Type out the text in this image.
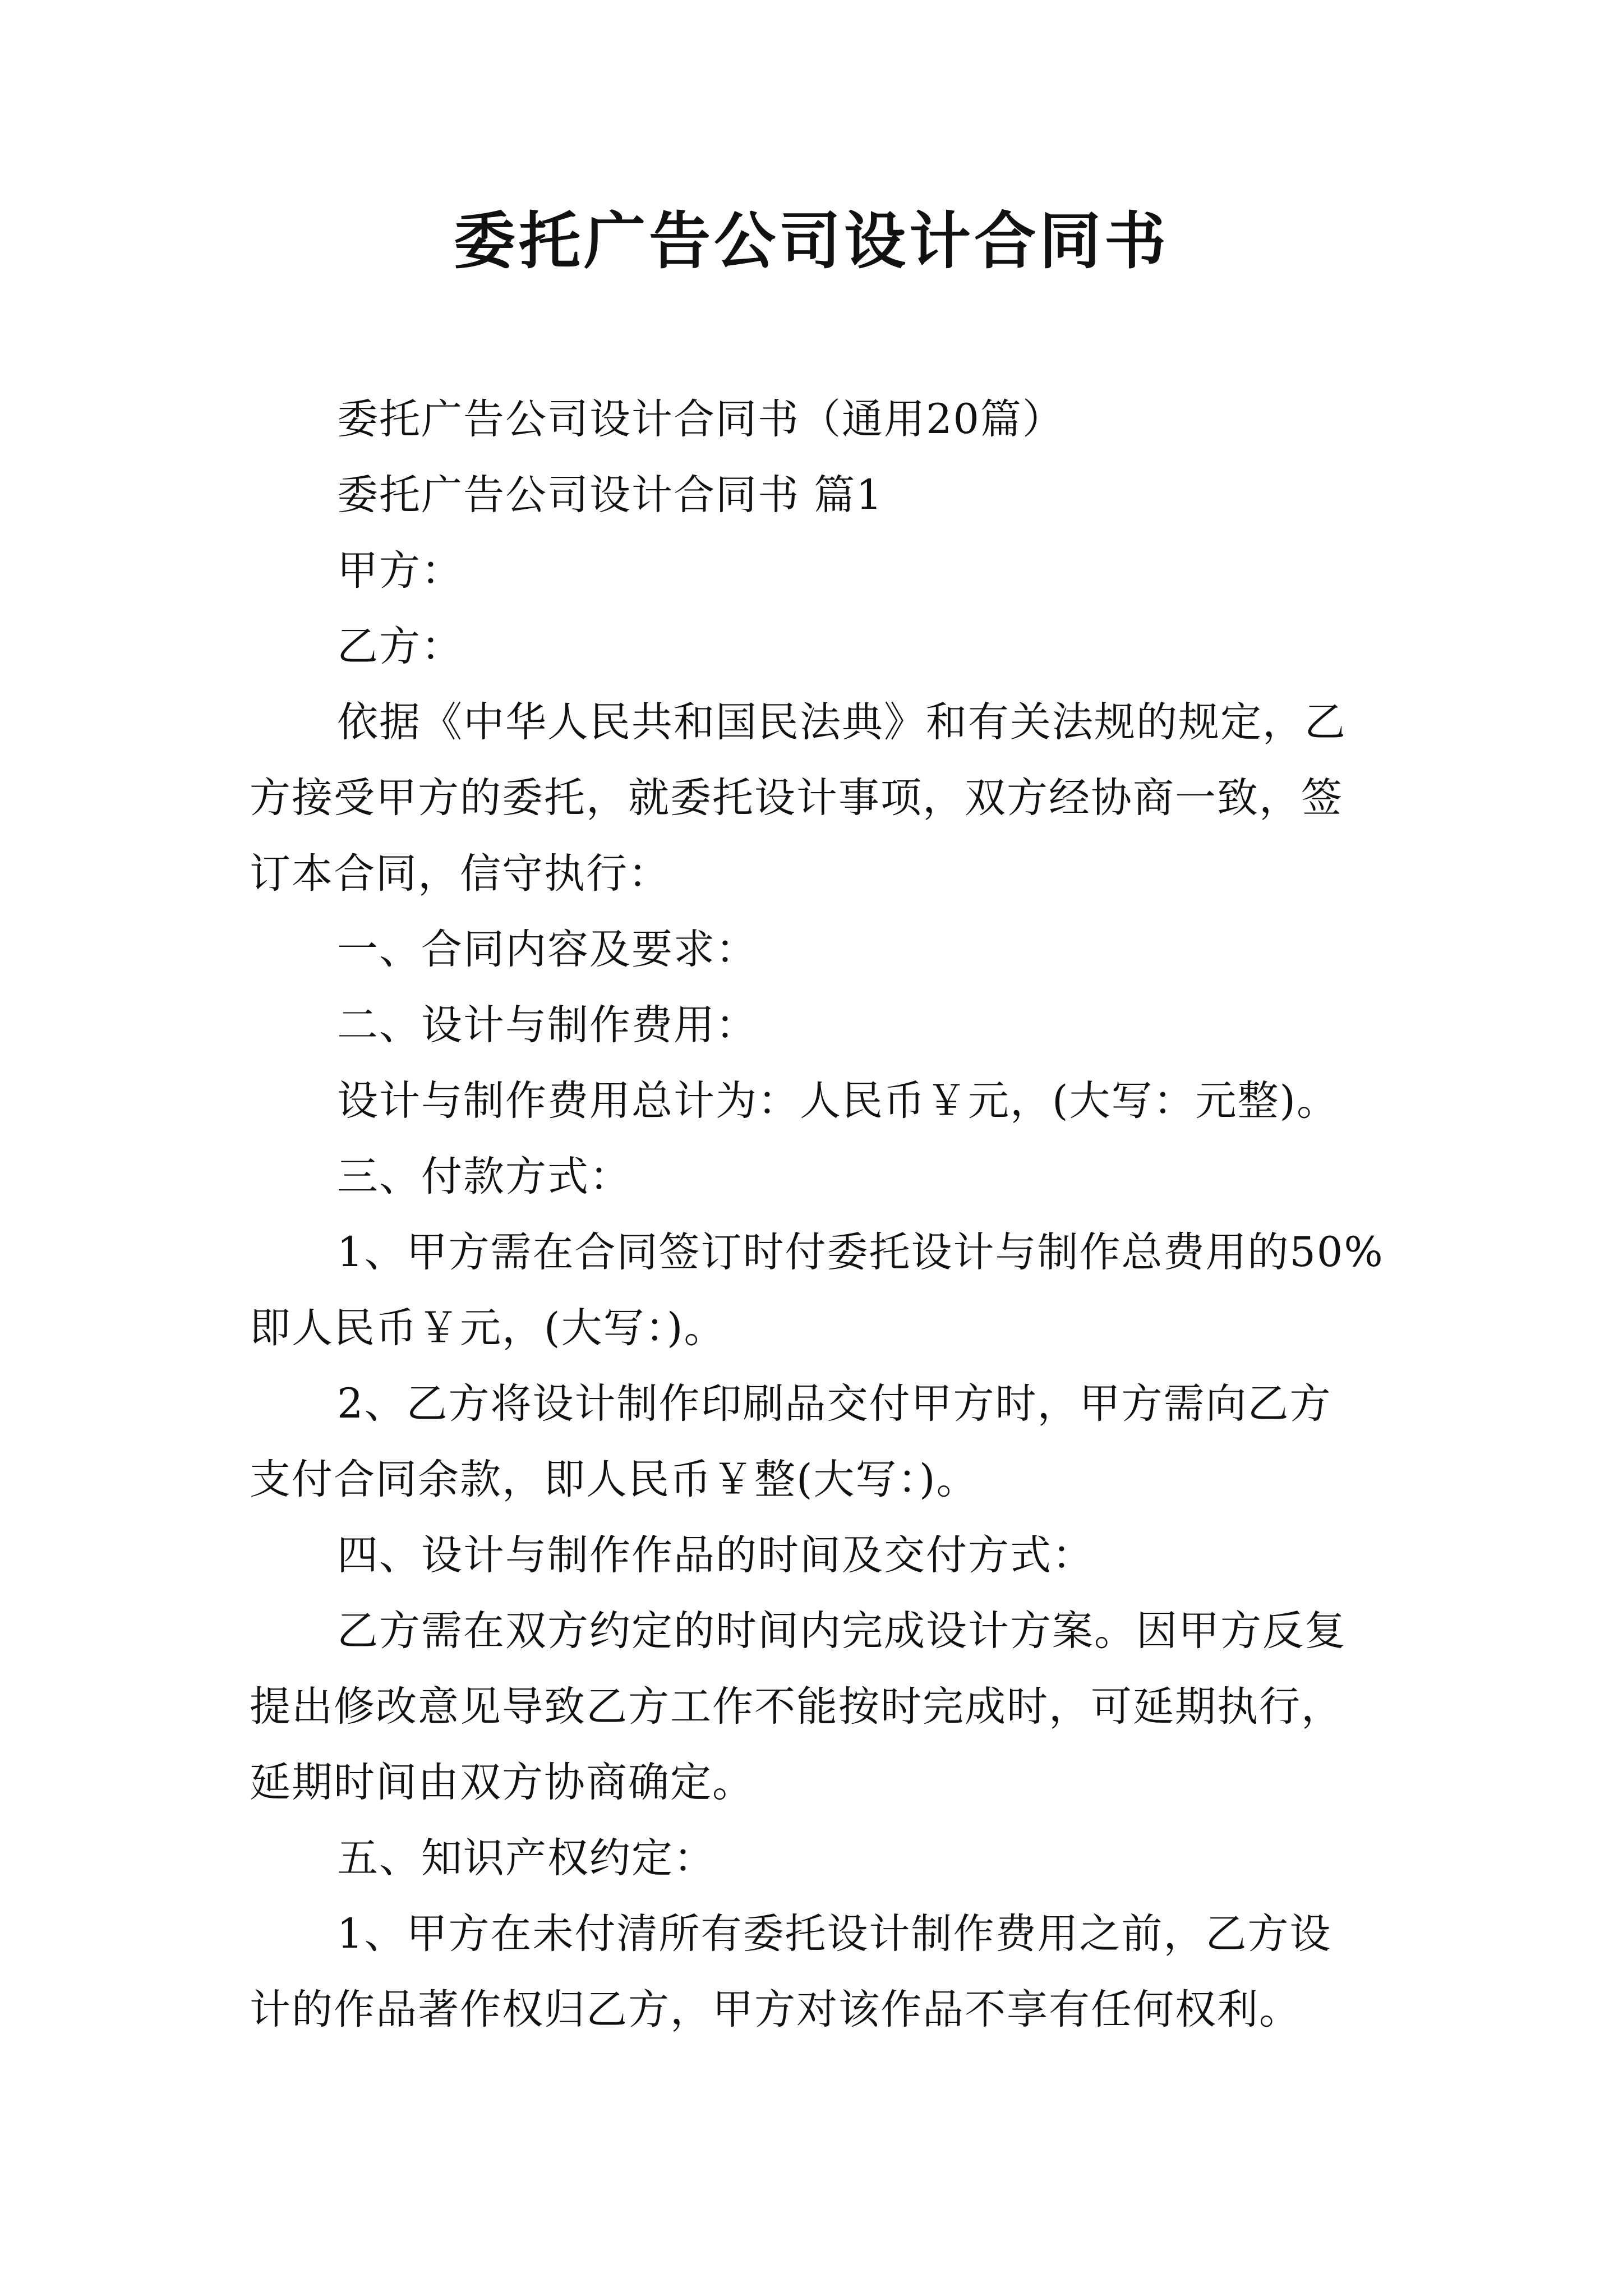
委托广告公司设计合同书

委托广告公司设计合同书（通用20篇）

委托广告公司设计合同书 篇1

甲方：

乙方：

依据《中华人民共和国民法典》和有关法规的规定，乙
方接受甲方的委托，就委托设计事项，双方经协商一致，签
订本合同，信守执行：

一、合同内容及要求：

二、设计与制作费用：

设计与制作费用总计为：人民币￥元，(大写：元整)。

三、付款方式：

1、甲方需在合同签订时付委托设计与制作总费用的50%
即人民币￥元，(大写：)。

2、乙方将设计制作印刷品交付甲方时，甲方需向乙方
支付合同余款，即人民币￥整(大写：)。

四、设计与制作作品的时间及交付方式：

乙方需在双方约定的时间内完成设计方案。因甲方反复
提出修改意见导致乙方工作不能按时完成时，可延期执行，
延期时间由双方协商确定。

五、知识产权约定：

1、甲方在未付清所有委托设计制作费用之前，乙方设
计的作品著作权归乙方，甲方对该作品不享有任何权利。
